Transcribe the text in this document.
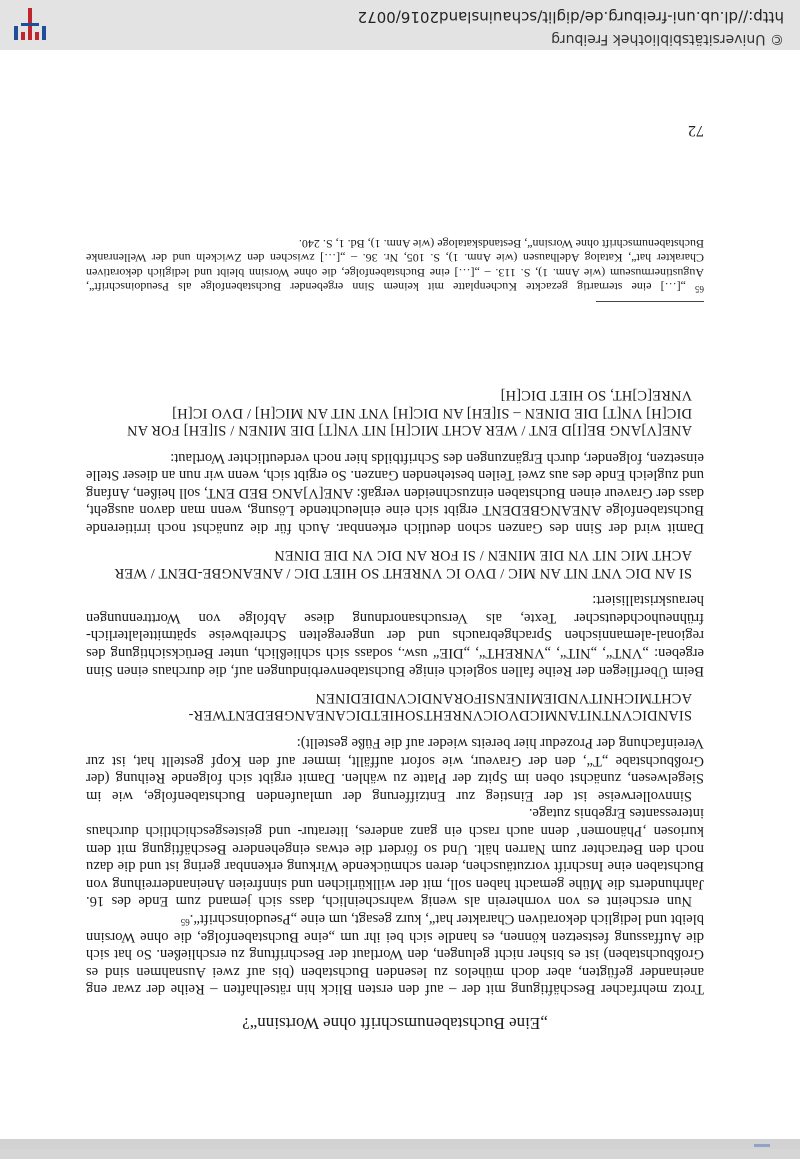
„Eine Buchstabenumschrift ohne Wortsinn“?

Trotz mehrfacher Beschäftigung mit der – auf den ersten Blick hin rätselhaften – Reihe der zwar eng aneinander gefügten, aber doch mühelos zu lesenden Buchstaben (bis auf zwei Ausnahmen sind es Großbuchstaben) ist es bisher nicht gelungen, den Wortlaut der Beschriftung zu erschließen. So hat sich die Auffassung festsetzen können, es handle sich bei ihr um „eine Buchstabenfolge, die ohne Worsinn bleibt und lediglich dekorativen Charakter hat“, kurz gesagt, um eine „Pseudoinschrift“.$^{65}$

Nun erscheint es von vornherein als wenig wahrscheinlich, dass sich jemand zum Ende des 16. Jahrhunderts die Mühe gemacht haben soll, mit der willkürlichen und sinnfreien Aneinanderreihung von Buchstaben eine Inschrift vorzutäuschen, deren schmückende Wirkung erkennbar gering ist und die dazu noch den Betrachter zum Narren hält. Und so fördert die etwas eingehendere Beschäftigung mit dem kuriosen ‚Phänomen‘ denn auch rasch ein ganz anderes, literatur- und geistesgeschichtlich durchaus interessantes Ergebnis zutage.

Sinnvollerweise ist der Einstieg zur Entzifferung der umlaufenden Buchstabenfolge, wie im Siegelwesen, zunächst oben im Spitz der Platte zu wählen. Damit ergibt sich folgende Reihung (der Großbuchstabe „T“, den der Graveur, wie sofort auffällt, immer auf den Kopf gestellt hat, ist zur Vereinfachung der Prozedur hier bereits wieder auf die Füße gestellt):

SIANDICVNTNITANMICDVOICVNREHTSOHIETDICANEANGBEDENTWER-ACHTMICHNITVNDIEMINENSIFORANDICVNDIEDINEN

Beim Überfliegen der Reihe fallen sogleich einige Buchstabenverbindungen auf, die durchaus einen Sinn ergeben: „VNT“, „NIT“, „VNREHT“, „DIE“ usw., sodass sich schließlich, unter Berücksichtigung des regional-alemannischen Sprachgebrauchs und der ungeregelten Schreibweise spätmittelalterlich-frühneuhochdeutscher Texte, als Versuchsanordnung diese Abfolge von Worttrennungen herauskristallisiert:

SI AN DIC VNT NIT AN MIC / DVO IC VNREHT SO HIET DIC / ANEANGBE-DENT / WER ACHT MIC NIT VN DIE MINEN / SI FOR AN DIC VN DIE DINEN

Damit wird der Sinn des Ganzen schon deutlich erkennbar. Auch für die zunächst noch irritierende Buchstabenfolge ANEANGBEDENT ergibt sich eine einleuchtende Lösung, wenn man davon ausgeht, dass der Graveur einen Buchstaben einzuschneiden vergaß: ANE[V]ANG BED ENT, soll heißen, Anfang und zugleich Ende des aus zwei Teilen bestehenden Ganzen. So ergibt sich, wenn wir nun an dieser Stelle einsetzen, folgender, durch Ergänzungen des Schriftbilds hier noch verdeutlichter Wortlaut:

ANE[V]ANG BE[I]D ENT / WER ACHT MIC[H] NIT VN[T] DIE MINEN / SI[EH] FOR AN DIC[H] VN[T] DIE DINEN – SI[EH] AN DIC[H] VNT NIT AN MIC[H] / DVO IC[H] VNRE[C]HT, SO HIET DIC[H]

$^{65}$ „[…] eine sternartig gezackte Kuchenplatte mit keinem Sinn ergebender Buchstabenfolge als Pseudoinschrift“, Augustinermuseum (wie Anm. 1), S. 113. – „[…] eine Buchstabenfolge, die ohne Worsinn bleibt und lediglich dekorativen Charakter hat“, Katalog Adelhausen (wie Anm. 1), S. 105, Nr. 36. – „[…] zwischen den Zwickeln und der Wellenranke Buchstabenumschrift ohne Worsinn“, Bestandskataloge (wie Anm. 1), Bd. 1, S. 240.
72
© Universitätsbibliothek Freiburg
http://dl.ub.uni-freiburg.de/diglit/schauinsland2016/0072
